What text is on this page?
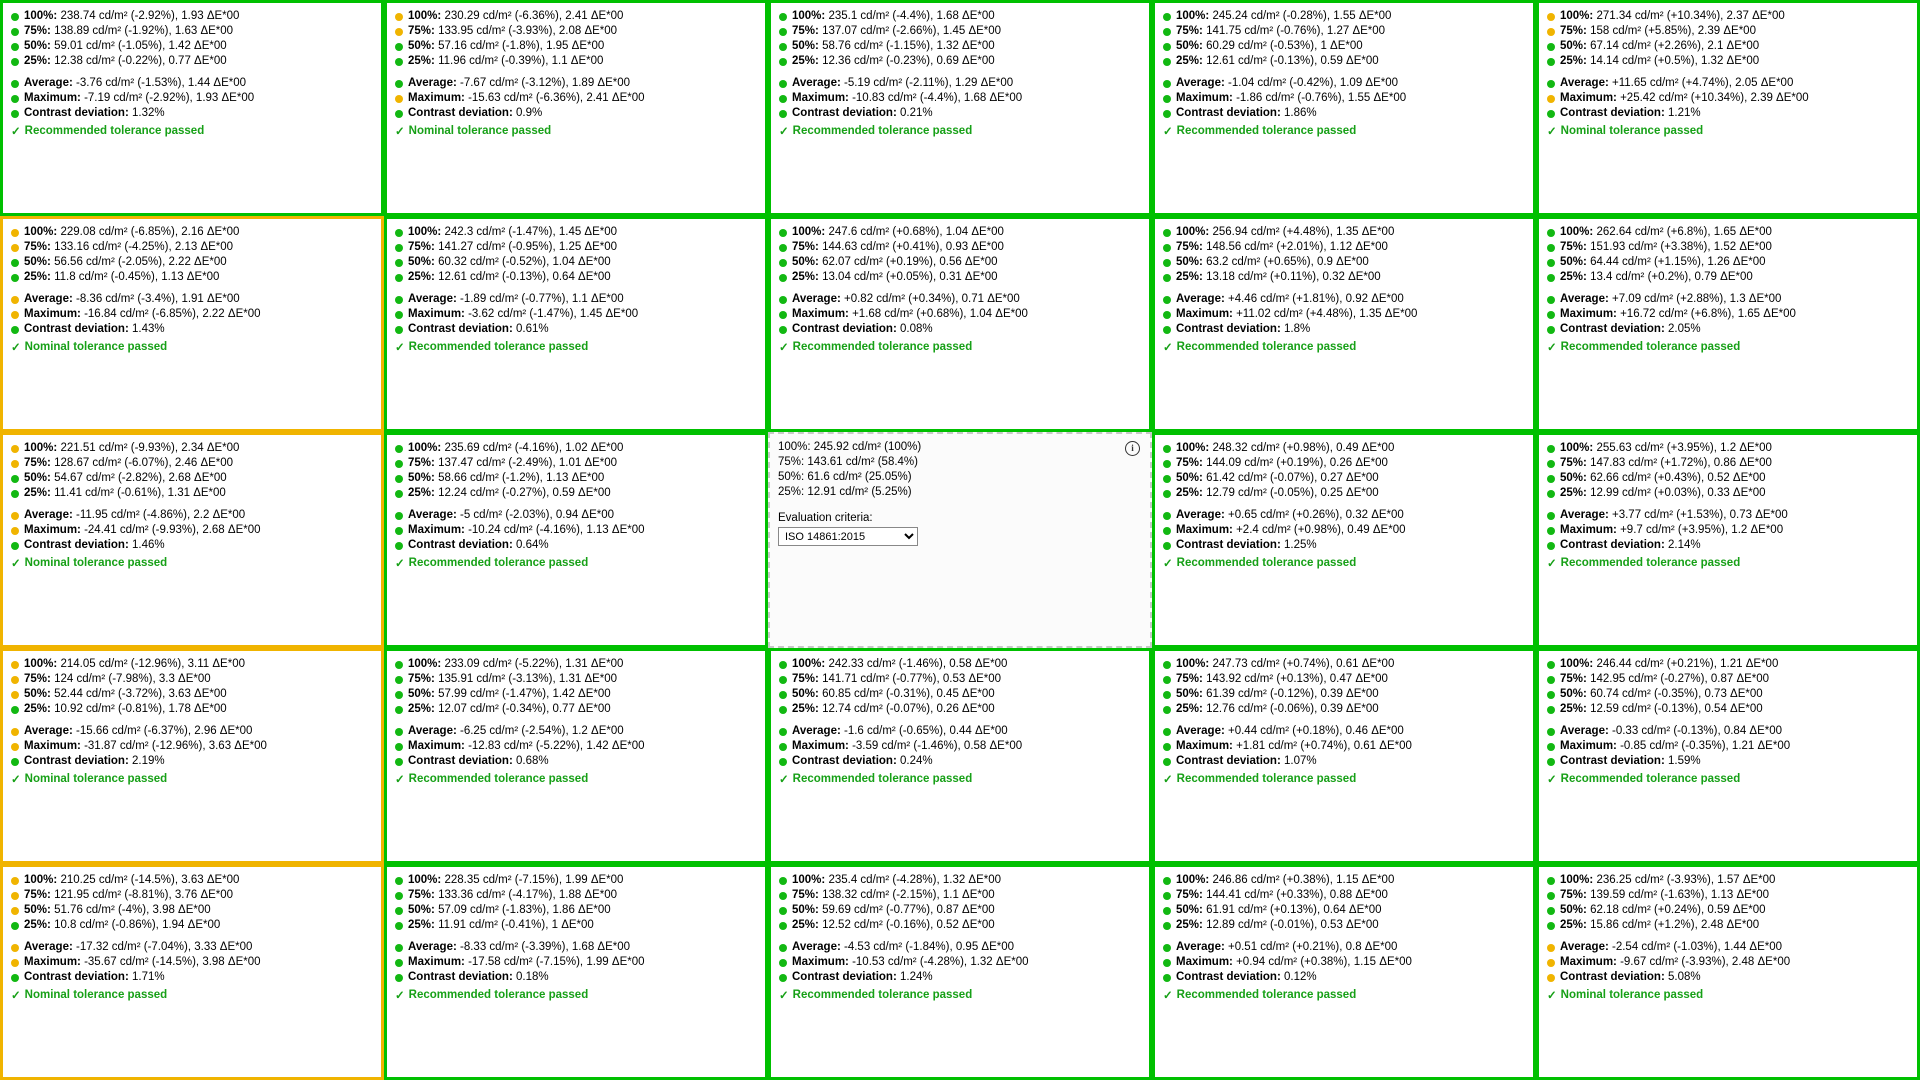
100%:
238.74 cd/m² (-2.92%), 1.93 ΔE*00
75%:
138.89 cd/m² (-1.92%), 1.63 ΔE*00
50%:
59.01 cd/m² (-1.05%), 1.42 ΔE*00
25%:
12.38 cd/m² (-0.22%), 0.77 ΔE*00
Average:
-3.76 cd/m² (-1.53%), 1.44 ΔE*00
Maximum:
-7.19 cd/m² (-2.92%), 1.93 ΔE*00
Contrast deviation:
1.32%
✓ Recommended tolerance passed
100%:
230.29 cd/m² (-6.36%), 2.41 ΔE*00
75%:
133.95 cd/m² (-3.93%), 2.08 ΔE*00
50%:
57.16 cd/m² (-1.8%), 1.95 ΔE*00
25%:
11.96 cd/m² (-0.39%), 1.1 ΔE*00
Average:
-7.67 cd/m² (-3.12%), 1.89 ΔE*00
Maximum:
-15.63 cd/m² (-6.36%), 2.41 ΔE*00
Contrast deviation:
0.9%
✓ Nominal tolerance passed
100%:
235.1 cd/m² (-4.4%), 1.68 ΔE*00
75%:
137.07 cd/m² (-2.66%), 1.45 ΔE*00
50%:
58.76 cd/m² (-1.15%), 1.32 ΔE*00
25%:
12.36 cd/m² (-0.23%), 0.69 ΔE*00
Average:
-5.19 cd/m² (-2.11%), 1.29 ΔE*00
Maximum:
-10.83 cd/m² (-4.4%), 1.68 ΔE*00
Contrast deviation:
0.21%
✓ Recommended tolerance passed
100%:
245.24 cd/m² (-0.28%), 1.55 ΔE*00
75%:
141.75 cd/m² (-0.76%), 1.27 ΔE*00
50%:
60.29 cd/m² (-0.53%), 1 ΔE*00
25%:
12.61 cd/m² (-0.13%), 0.59 ΔE*00
Average:
-1.04 cd/m² (-0.42%), 1.09 ΔE*00
Maximum:
-1.86 cd/m² (-0.76%), 1.55 ΔE*00
Contrast deviation:
1.86%
✓ Recommended tolerance passed
100%:
271.34 cd/m² (+10.34%), 2.37 ΔE*00
75%:
158 cd/m² (+5.85%), 2.39 ΔE*00
50%:
67.14 cd/m² (+2.26%), 2.1 ΔE*00
25%:
14.14 cd/m² (+0.5%), 1.32 ΔE*00
Average:
+11.65 cd/m² (+4.74%), 2.05 ΔE*00
Maximum:
+25.42 cd/m² (+10.34%), 2.39 ΔE*00
Contrast deviation:
1.21%
✓ Nominal tolerance passed
100%:
229.08 cd/m² (-6.85%), 2.16 ΔE*00
75%:
133.16 cd/m² (-4.25%), 2.13 ΔE*00
50%:
56.56 cd/m² (-2.05%), 2.22 ΔE*00
25%:
11.8 cd/m² (-0.45%), 1.13 ΔE*00
Average:
-8.36 cd/m² (-3.4%), 1.91 ΔE*00
Maximum:
-16.84 cd/m² (-6.85%), 2.22 ΔE*00
Contrast deviation:
1.43%
✓ Nominal tolerance passed
100%:
242.3 cd/m² (-1.47%), 1.45 ΔE*00
75%:
141.27 cd/m² (-0.95%), 1.25 ΔE*00
50%:
60.32 cd/m² (-0.52%), 1.04 ΔE*00
25%:
12.61 cd/m² (-0.13%), 0.64 ΔE*00
Average:
-1.89 cd/m² (-0.77%), 1.1 ΔE*00
Maximum:
-3.62 cd/m² (-1.47%), 1.45 ΔE*00
Contrast deviation:
0.61%
✓ Recommended tolerance passed
100%:
247.6 cd/m² (+0.68%), 1.04 ΔE*00
75%:
144.63 cd/m² (+0.41%), 0.93 ΔE*00
50%:
62.07 cd/m² (+0.19%), 0.56 ΔE*00
25%:
13.04 cd/m² (+0.05%), 0.31 ΔE*00
Average:
+0.82 cd/m² (+0.34%), 0.71 ΔE*00
Maximum:
+1.68 cd/m² (+0.68%), 1.04 ΔE*00
Contrast deviation:
0.08%
✓ Recommended tolerance passed
100%:
256.94 cd/m² (+4.48%), 1.35 ΔE*00
75%:
148.56 cd/m² (+2.01%), 1.12 ΔE*00
50%:
63.2 cd/m² (+0.65%), 0.9 ΔE*00
25%:
13.18 cd/m² (+0.11%), 0.32 ΔE*00
Average:
+4.46 cd/m² (+1.81%), 0.92 ΔE*00
Maximum:
+11.02 cd/m² (+4.48%), 1.35 ΔE*00
Contrast deviation:
1.8%
✓ Recommended tolerance passed
100%:
262.64 cd/m² (+6.8%), 1.65 ΔE*00
75%:
151.93 cd/m² (+3.38%), 1.52 ΔE*00
50%:
64.44 cd/m² (+1.15%), 1.26 ΔE*00
25%:
13.4 cd/m² (+0.2%), 0.79 ΔE*00
Average:
+7.09 cd/m² (+2.88%), 1.3 ΔE*00
Maximum:
+16.72 cd/m² (+6.8%), 1.65 ΔE*00
Contrast deviation:
2.05%
✓ Recommended tolerance passed
100%:
221.51 cd/m² (-9.93%), 2.34 ΔE*00
75%:
128.67 cd/m² (-6.07%), 2.46 ΔE*00
50%:
54.67 cd/m² (-2.82%), 2.68 ΔE*00
25%:
11.41 cd/m² (-0.61%), 1.31 ΔE*00
Average:
-11.95 cd/m² (-4.86%), 2.2 ΔE*00
Maximum:
-24.41 cd/m² (-9.93%), 2.68 ΔE*00
Contrast deviation:
1.46%
✓ Nominal tolerance passed
100%:
235.69 cd/m² (-4.16%), 1.02 ΔE*00
75%:
137.47 cd/m² (-2.49%), 1.01 ΔE*00
50%:
58.66 cd/m² (-1.2%), 1.13 ΔE*00
25%:
12.24 cd/m² (-0.27%), 0.59 ΔE*00
Average:
-5 cd/m² (-2.03%), 0.94 ΔE*00
Maximum:
-10.24 cd/m² (-4.16%), 1.13 ΔE*00
Contrast deviation:
0.64%
✓ Recommended tolerance passed
i
100%: 245.92 cd/m² (100%)
75%: 143.61 cd/m² (58.4%)
50%: 61.6 cd/m² (25.05%)
25%: 12.91 cd/m² (5.25%)
Evaluation criteria:
ISO 14861:2015
100%:
248.32 cd/m² (+0.98%), 0.49 ΔE*00
75%:
144.09 cd/m² (+0.19%), 0.26 ΔE*00
50%:
61.42 cd/m² (-0.07%), 0.27 ΔE*00
25%:
12.79 cd/m² (-0.05%), 0.25 ΔE*00
Average:
+0.65 cd/m² (+0.26%), 0.32 ΔE*00
Maximum:
+2.4 cd/m² (+0.98%), 0.49 ΔE*00
Contrast deviation:
1.25%
✓ Recommended tolerance passed
100%:
255.63 cd/m² (+3.95%), 1.2 ΔE*00
75%:
147.83 cd/m² (+1.72%), 0.86 ΔE*00
50%:
62.66 cd/m² (+0.43%), 0.52 ΔE*00
25%:
12.99 cd/m² (+0.03%), 0.33 ΔE*00
Average:
+3.77 cd/m² (+1.53%), 0.73 ΔE*00
Maximum:
+9.7 cd/m² (+3.95%), 1.2 ΔE*00
Contrast deviation:
2.14%
✓ Recommended tolerance passed
100%:
214.05 cd/m² (-12.96%), 3.11 ΔE*00
75%:
124 cd/m² (-7.98%), 3.3 ΔE*00
50%:
52.44 cd/m² (-3.72%), 3.63 ΔE*00
25%:
10.92 cd/m² (-0.81%), 1.78 ΔE*00
Average:
-15.66 cd/m² (-6.37%), 2.96 ΔE*00
Maximum:
-31.87 cd/m² (-12.96%), 3.63 ΔE*00
Contrast deviation:
2.19%
✓ Nominal tolerance passed
100%:
233.09 cd/m² (-5.22%), 1.31 ΔE*00
75%:
135.91 cd/m² (-3.13%), 1.31 ΔE*00
50%:
57.99 cd/m² (-1.47%), 1.42 ΔE*00
25%:
12.07 cd/m² (-0.34%), 0.77 ΔE*00
Average:
-6.25 cd/m² (-2.54%), 1.2 ΔE*00
Maximum:
-12.83 cd/m² (-5.22%), 1.42 ΔE*00
Contrast deviation:
0.68%
✓ Recommended tolerance passed
100%:
242.33 cd/m² (-1.46%), 0.58 ΔE*00
75%:
141.71 cd/m² (-0.77%), 0.53 ΔE*00
50%:
60.85 cd/m² (-0.31%), 0.45 ΔE*00
25%:
12.74 cd/m² (-0.07%), 0.26 ΔE*00
Average:
-1.6 cd/m² (-0.65%), 0.44 ΔE*00
Maximum:
-3.59 cd/m² (-1.46%), 0.58 ΔE*00
Contrast deviation:
0.24%
✓ Recommended tolerance passed
100%:
247.73 cd/m² (+0.74%), 0.61 ΔE*00
75%:
143.92 cd/m² (+0.13%), 0.47 ΔE*00
50%:
61.39 cd/m² (-0.12%), 0.39 ΔE*00
25%:
12.76 cd/m² (-0.06%), 0.39 ΔE*00
Average:
+0.44 cd/m² (+0.18%), 0.46 ΔE*00
Maximum:
+1.81 cd/m² (+0.74%), 0.61 ΔE*00
Contrast deviation:
1.07%
✓ Recommended tolerance passed
100%:
246.44 cd/m² (+0.21%), 1.21 ΔE*00
75%:
142.95 cd/m² (-0.27%), 0.87 ΔE*00
50%:
60.74 cd/m² (-0.35%), 0.73 ΔE*00
25%:
12.59 cd/m² (-0.13%), 0.54 ΔE*00
Average:
-0.33 cd/m² (-0.13%), 0.84 ΔE*00
Maximum:
-0.85 cd/m² (-0.35%), 1.21 ΔE*00
Contrast deviation:
1.59%
✓ Recommended tolerance passed
100%:
210.25 cd/m² (-14.5%), 3.63 ΔE*00
75%:
121.95 cd/m² (-8.81%), 3.76 ΔE*00
50%:
51.76 cd/m² (-4%), 3.98 ΔE*00
25%:
10.8 cd/m² (-0.86%), 1.94 ΔE*00
Average:
-17.32 cd/m² (-7.04%), 3.33 ΔE*00
Maximum:
-35.67 cd/m² (-14.5%), 3.98 ΔE*00
Contrast deviation:
1.71%
✓ Nominal tolerance passed
100%:
228.35 cd/m² (-7.15%), 1.99 ΔE*00
75%:
133.36 cd/m² (-4.17%), 1.88 ΔE*00
50%:
57.09 cd/m² (-1.83%), 1.86 ΔE*00
25%:
11.91 cd/m² (-0.41%), 1 ΔE*00
Average:
-8.33 cd/m² (-3.39%), 1.68 ΔE*00
Maximum:
-17.58 cd/m² (-7.15%), 1.99 ΔE*00
Contrast deviation:
0.18%
✓ Recommended tolerance passed
100%:
235.4 cd/m² (-4.28%), 1.32 ΔE*00
75%:
138.32 cd/m² (-2.15%), 1.1 ΔE*00
50%:
59.69 cd/m² (-0.77%), 0.87 ΔE*00
25%:
12.52 cd/m² (-0.16%), 0.52 ΔE*00
Average:
-4.53 cd/m² (-1.84%), 0.95 ΔE*00
Maximum:
-10.53 cd/m² (-4.28%), 1.32 ΔE*00
Contrast deviation:
1.24%
✓ Recommended tolerance passed
100%:
246.86 cd/m² (+0.38%), 1.15 ΔE*00
75%:
144.41 cd/m² (+0.33%), 0.88 ΔE*00
50%:
61.91 cd/m² (+0.13%), 0.64 ΔE*00
25%:
12.89 cd/m² (-0.01%), 0.53 ΔE*00
Average:
+0.51 cd/m² (+0.21%), 0.8 ΔE*00
Maximum:
+0.94 cd/m² (+0.38%), 1.15 ΔE*00
Contrast deviation:
0.12%
✓ Recommended tolerance passed
100%:
236.25 cd/m² (-3.93%), 1.57 ΔE*00
75%:
139.59 cd/m² (-1.63%), 1.13 ΔE*00
50%:
62.18 cd/m² (+0.24%), 0.59 ΔE*00
25%:
15.86 cd/m² (+1.2%), 2.48 ΔE*00
Average:
-2.54 cd/m² (-1.03%), 1.44 ΔE*00
Maximum:
-9.67 cd/m² (-3.93%), 2.48 ΔE*00
Contrast deviation:
5.08%
✓ Nominal tolerance passed
